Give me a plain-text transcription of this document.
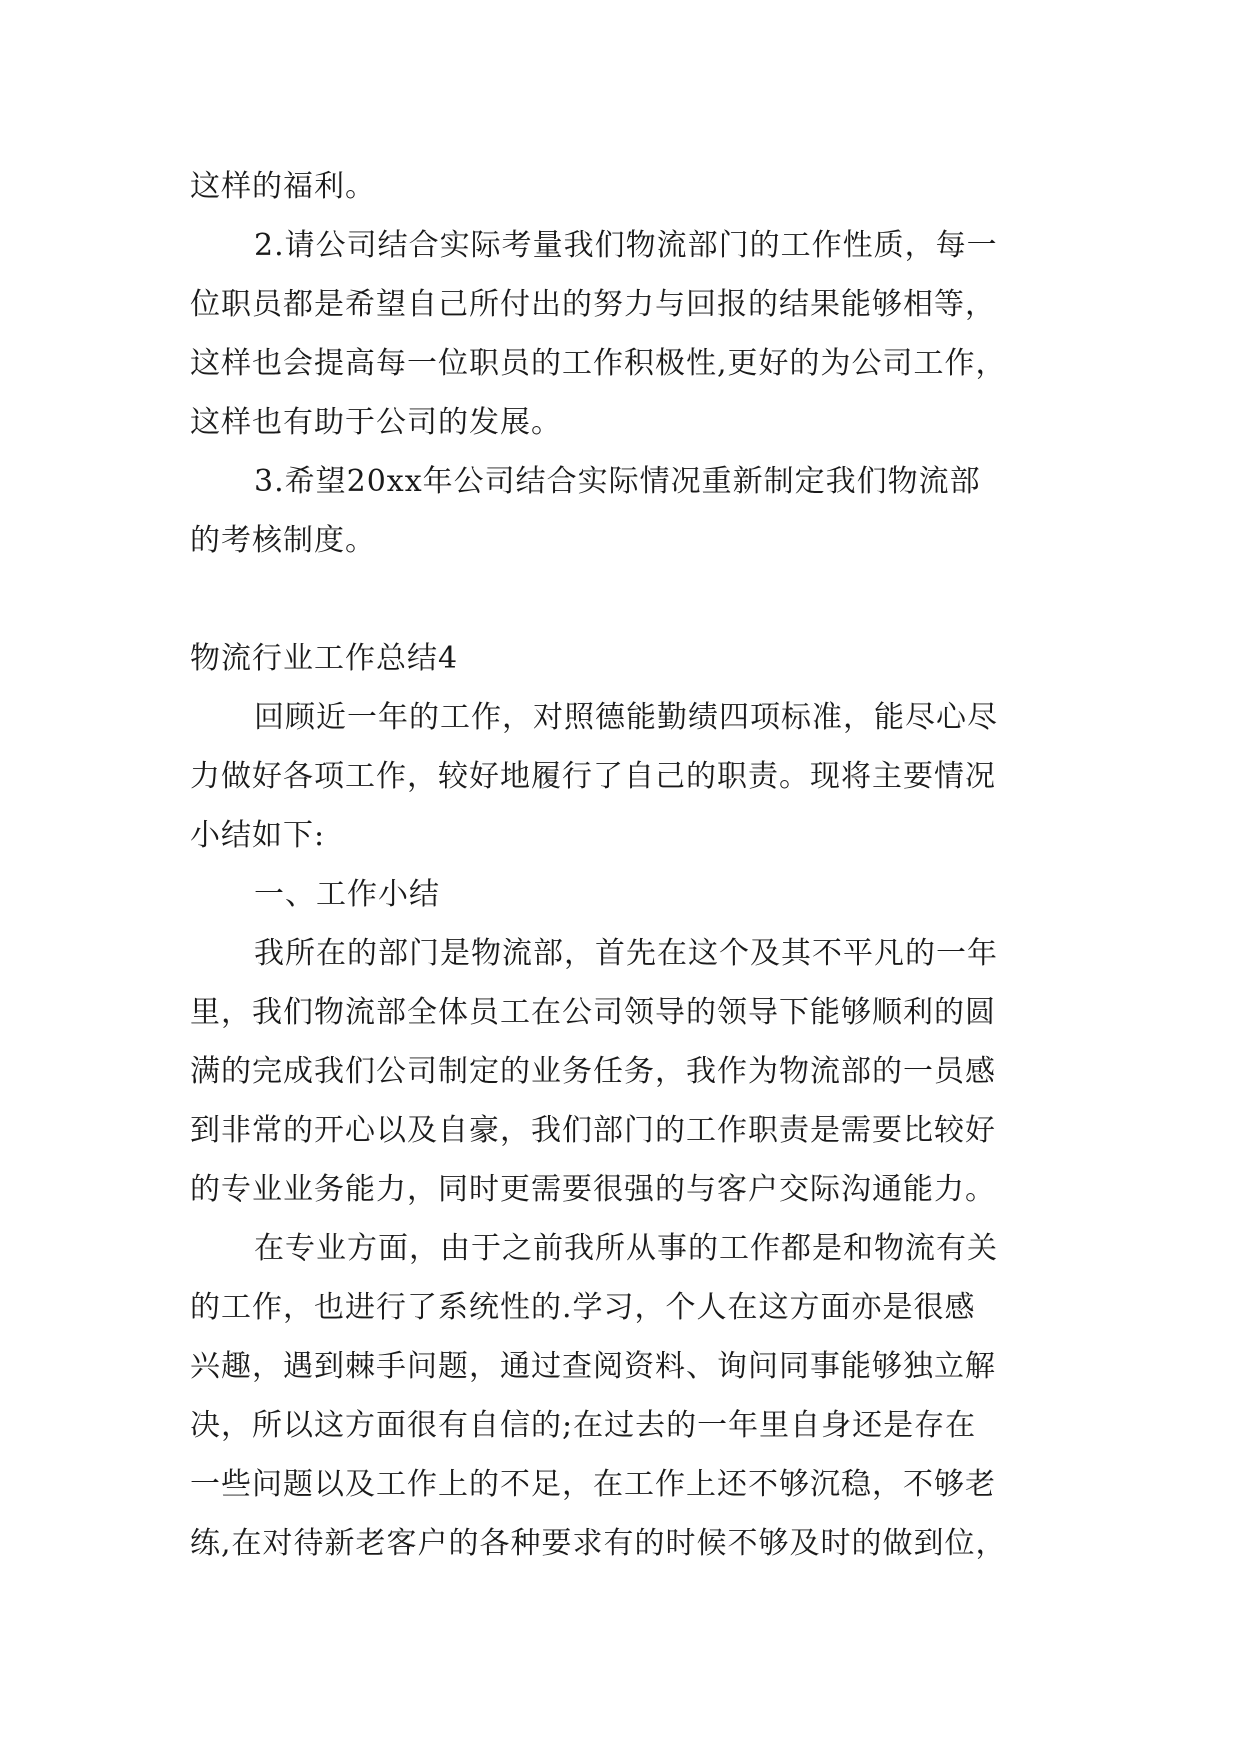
这样的福利。
2.请公司结合实际考量我们物流部门的工作性质，每一
位职员都是希望自己所付出的努力与回报的结果能够相等，
这样也会提高每一位职员的工作积极性,更好的为公司工作，
这样也有助于公司的发展。
3.希望20xx年公司结合实际情况重新制定我们物流部
的考核制度。
物流行业工作总结4
回顾近一年的工作，对照德能勤绩四项标准，能尽心尽
力做好各项工作，较好地履行了自己的职责。现将主要情况
小结如下:
一、工作小结
我所在的部门是物流部，首先在这个及其不平凡的一年
里，我们物流部全体员工在公司领导的领导下能够顺利的圆
满的完成我们公司制定的业务任务，我作为物流部的一员感
到非常的开心以及自豪，我们部门的工作职责是需要比较好
的专业业务能力，同时更需要很强的与客户交际沟通能力。
在专业方面，由于之前我所从事的工作都是和物流有关
的工作，也进行了系统性的.学习，个人在这方面亦是很感
兴趣，遇到棘手问题，通过查阅资料、询问同事能够独立解
决，所以这方面很有自信的;在过去的一年里自身还是存在
一些问题以及工作上的不足，在工作上还不够沉稳，不够老
练,在对待新老客户的各种要求有的时候不够及时的做到位，
